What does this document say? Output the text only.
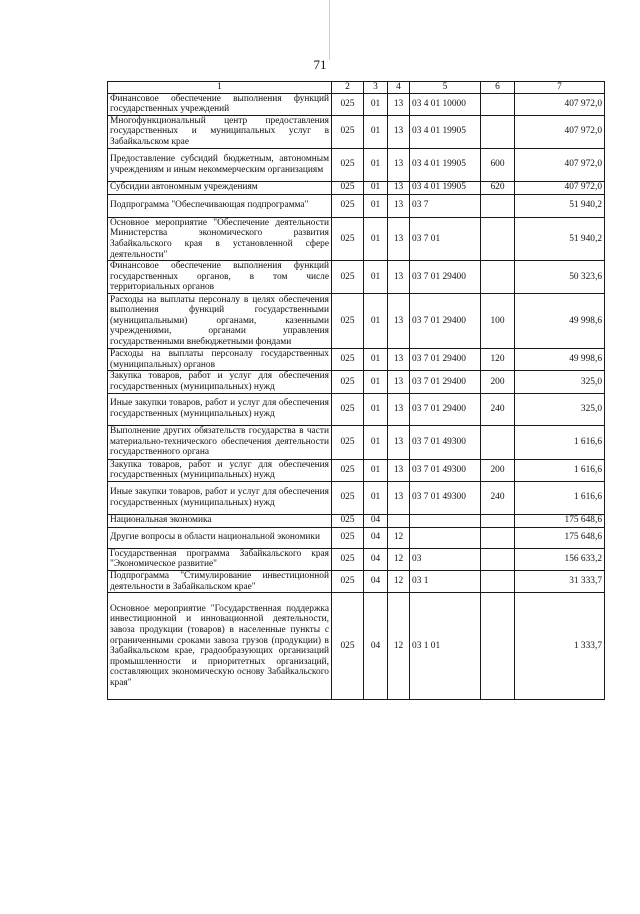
71
1	2	3	4	5	6	7
Финансовое обеспечение выполнения функций государственных учреждений	025	01	13	03 4 01 10000		407 972,0
Многофункциональный центр предоставления государственных и муниципальных услуг в Забайкальском крае	025	01	13	03 4 01 19905		407 972,0
Предоставление субсидий бюджетным, автономным учреждениям и иным некоммерческим организациям	025	01	13	03 4 01 19905	600	407 972,0
Субсидии автономным учреждениям	025	01	13	03 4 01 19905	620	407 972,0
Подпрограмма "Обеспечивающая подпрограмма"	025	01	13	03 7		51 940,2
Основное мероприятие "Обеспечение деятельности Министерства экономического развития Забайкальского края в установленной сфере деятельности"	025	01	13	03 7 01		51 940,2
Финансовое обеспечение выполнения функций государственных органов, в том числе территориальных органов	025	01	13	03 7 01 29400		50 323,6
Расходы на выплаты персоналу в целях обеспечения выполнения функций государственными (муниципальными) органами, казенными учреждениями, органами управления государственными внебюджетными фондами	025	01	13	03 7 01 29400	100	49 998,6
Расходы на выплаты персоналу государственных (муниципальных) органов	025	01	13	03 7 01 29400	120	49 998,6
Закупка товаров, работ и услуг для обеспечения государственных (муниципальных) нужд	025	01	13	03 7 01 29400	200	325,0
Иные закупки товаров, работ и услуг для обеспечения государственных (муниципальных) нужд	025	01	13	03 7 01 29400	240	325,0
Выполнение других обязательств государства в части материально-технического обеспечения деятельности государственного органа	025	01	13	03 7 01 49300		1 616,6
Закупка товаров, работ и услуг для обеспечения государственных (муниципальных) нужд	025	01	13	03 7 01 49300	200	1 616,6
Иные закупки товаров, работ и услуг для обеспечения государственных (муниципальных) нужд	025	01	13	03 7 01 49300	240	1 616,6
Национальная экономика	025	04				175 648,6
Другие вопросы в области национальной экономики	025	04	12			175 648,6
Государственная программа Забайкальского края "Экономическое развитие"	025	04	12	03		156 633,2
Подпрограмма "Стимулирование инвестиционной деятельности в Забайкальском крае"	025	04	12	03 1		31 333,7
Основное мероприятие "Государственная поддержка инвестиционной и инновационной деятельности, завоза продукции (товаров) в населенные пункты с ограниченными сроками завоза грузов (продукции) в Забайкальском крае, градообразующих организаций промышленности и приоритетных организаций, составляющих экономическую основу Забайкальского края"	025	04	12	03 1 01		1 333,7
